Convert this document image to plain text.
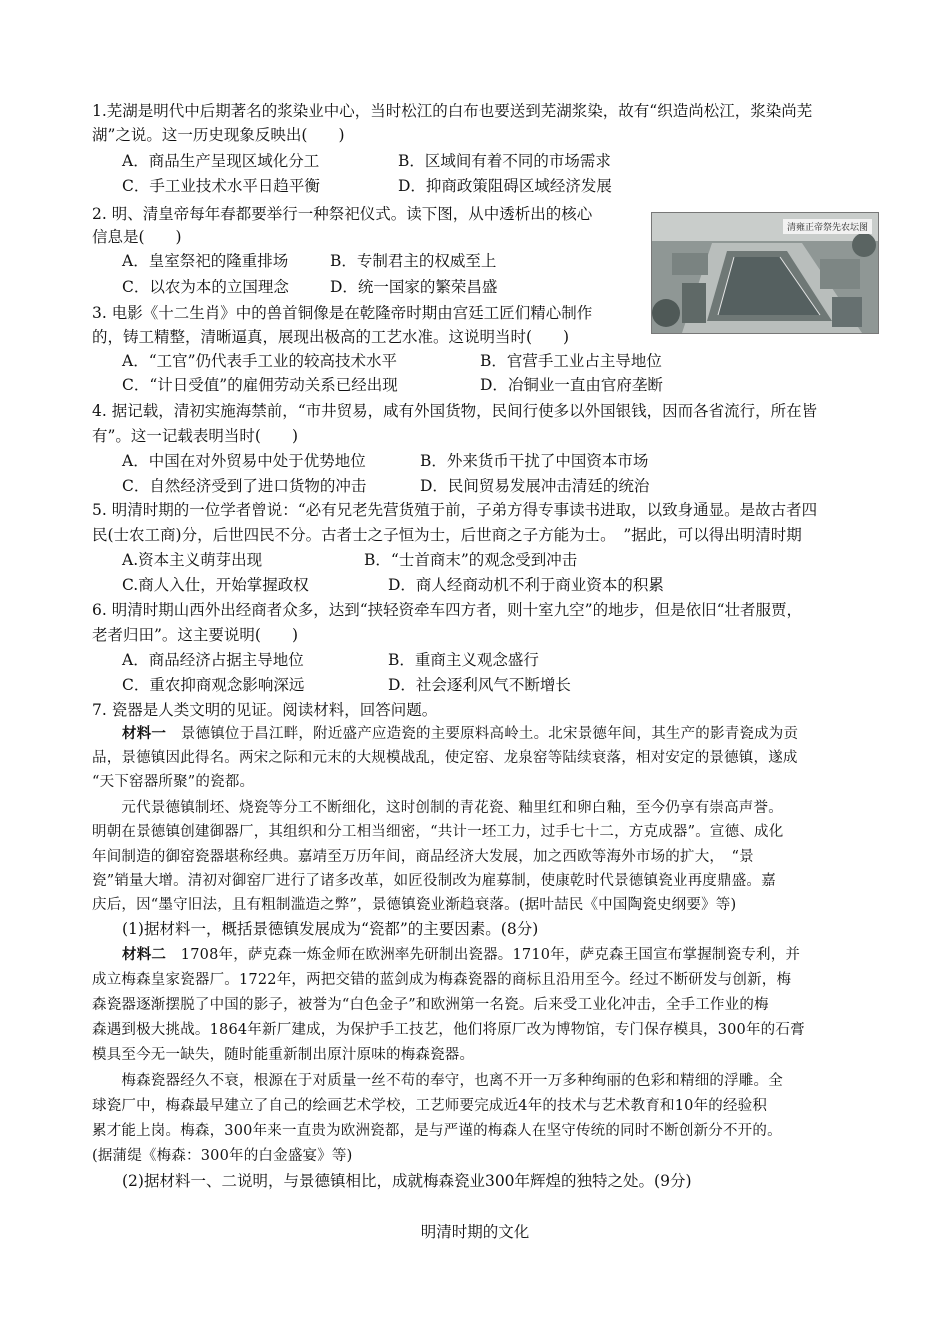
1.芜湖是明代中后期著名的浆染业中心，当时松江的白布也要送到芜湖浆染，故有“织造尚松江，浆染尚芜
湖”之说。这一历史现象反映出(　　)
A．商品生产呈现区域化分工	B．区域间有着不同的市场需求
C．手工业技术水平日趋平衡	D．抑商政策阻碍区域经济发展
2. 明、清皇帝每年春都要举行一种祭祀仪式。读下图，从中透析出的核心
信息是(　　)
A．皇室祭祀的隆重排场	B．专制君主的权威至上
C．以农为本的立国理念	D．统一国家的繁荣昌盛
清雍正帝祭先农坛图
3. 电影《十二生肖》中的兽首铜像是在乾隆帝时期由宫廷工匠们精心制作
的，铸工精整，清晰逼真，展现出极高的工艺水准。这说明当时(　　)
A．“工官”仍代表手工业的较高技术水平	B．官营手工业占主导地位
C．“计日受值”的雇佣劳动关系已经出现	D．冶铜业一直由官府垄断
4. 据记载，清初实施海禁前，“市井贸易，咸有外国货物，民间行使多以外国银钱，因而各省流行，所在皆
有”。这一记载表明当时(　　)
A．中国在对外贸易中处于优势地位	B．外来货币干扰了中国资本市场
C．自然经济受到了进口货物的冲击	D．民间贸易发展冲击清廷的统治
5. 明清时期的一位学者曾说：“必有兄老先营货殖于前，子弟方得专事读书进取，以致身通显。是故古者四
民(士农工商)分，后世四民不分。古者士之子恒为士，后世商之子方能为士。　”据此，可以得出明清时期
A.资本主义萌芽出现	B．“士首商末”的观念受到冲击
C.商人入仕，开始掌握政权	D．商人经商动机不利于商业资本的积累
6. 明清时期山西外出经商者众多，达到“挟轻资牵车四方者，则十室九空”的地步，但是依旧“壮者服贾，
老者归田”。这主要说明(　　)
A．商品经济占据主导地位	B．重商主义观念盛行
C．重农抑商观念影响深远	D．社会逐利风气不断增长
7. 瓷器是人类文明的见证。阅读材料，回答问题。
材料一　景德镇位于昌江畔，附近盛产应造瓷的主要原料高岭土。北宋景德年间，其生产的影青瓷成为贡
品，景德镇因此得名。两宋之际和元末的大规模战乱，使定窑、龙泉窑等陆续衰落，相对安定的景德镇，遂成
“天下窑器所聚”的瓷都。
　　元代景德镇制坯、烧瓷等分工不断细化，这时创制的青花瓷、釉里红和卵白釉，至今仍享有崇高声誉。
明朝在景德镇创建御器厂，其组织和分工相当细密，“共计一坯工力，过手七十二，方克成器”。宣德、成化
年间制造的御窑瓷器堪称经典。嘉靖至万历年间，商品经济大发展，加之西欧等海外市场的扩大，　“景
瓷”销量大增。清初对御窑厂进行了诸多改革，如匠役制改为雇募制，使康乾时代景德镇瓷业再度鼎盛。嘉
庆后，因“墨守旧法，且有粗制滥造之弊”，景德镇瓷业渐趋衰落。(据叶喆民《中国陶瓷史纲要》等)
(1)据材料一，概括景德镇发展成为“瓷都”的主要因素。(8分)
材料二　1708年，萨克森一炼金师在欧洲率先研制出瓷器。1710年，萨克森王国宣布掌握制瓷专利，并
成立梅森皇家瓷器厂。1722年，两把交错的蓝剑成为梅森瓷器的商标且沿用至今。经过不断研发与创新，梅
森瓷器逐渐摆脱了中国的影子，被誉为“白色金子”和欧洲第一名瓷。后来受工业化冲击，全手工作业的梅
森遇到极大挑战。1864年新厂建成，为保护手工技艺，他们将原厂改为博物馆，专门保存模具，300年的石膏
模具至今无一缺失，随时能重新制出原汁原味的梅森瓷器。
　　梅森瓷器经久不衰，根源在于对质量一丝不苟的奉守，也离不开一万多种绚丽的色彩和精细的浮雕。全
球瓷厂中，梅森最早建立了自己的绘画艺术学校，工艺师要完成近4年的技术与艺术教育和10年的经验积
累才能上岗。梅森，300年来一直贵为欧洲瓷都，是与严谨的梅森人在坚守传统的同时不断创新分不开的。
(据蒲缇《梅森：300年的白金盛宴》等)
(2)据材料一、二说明，与景德镇相比，成就梅森瓷业300年辉煌的独特之处。(9分)
明清时期的文化
